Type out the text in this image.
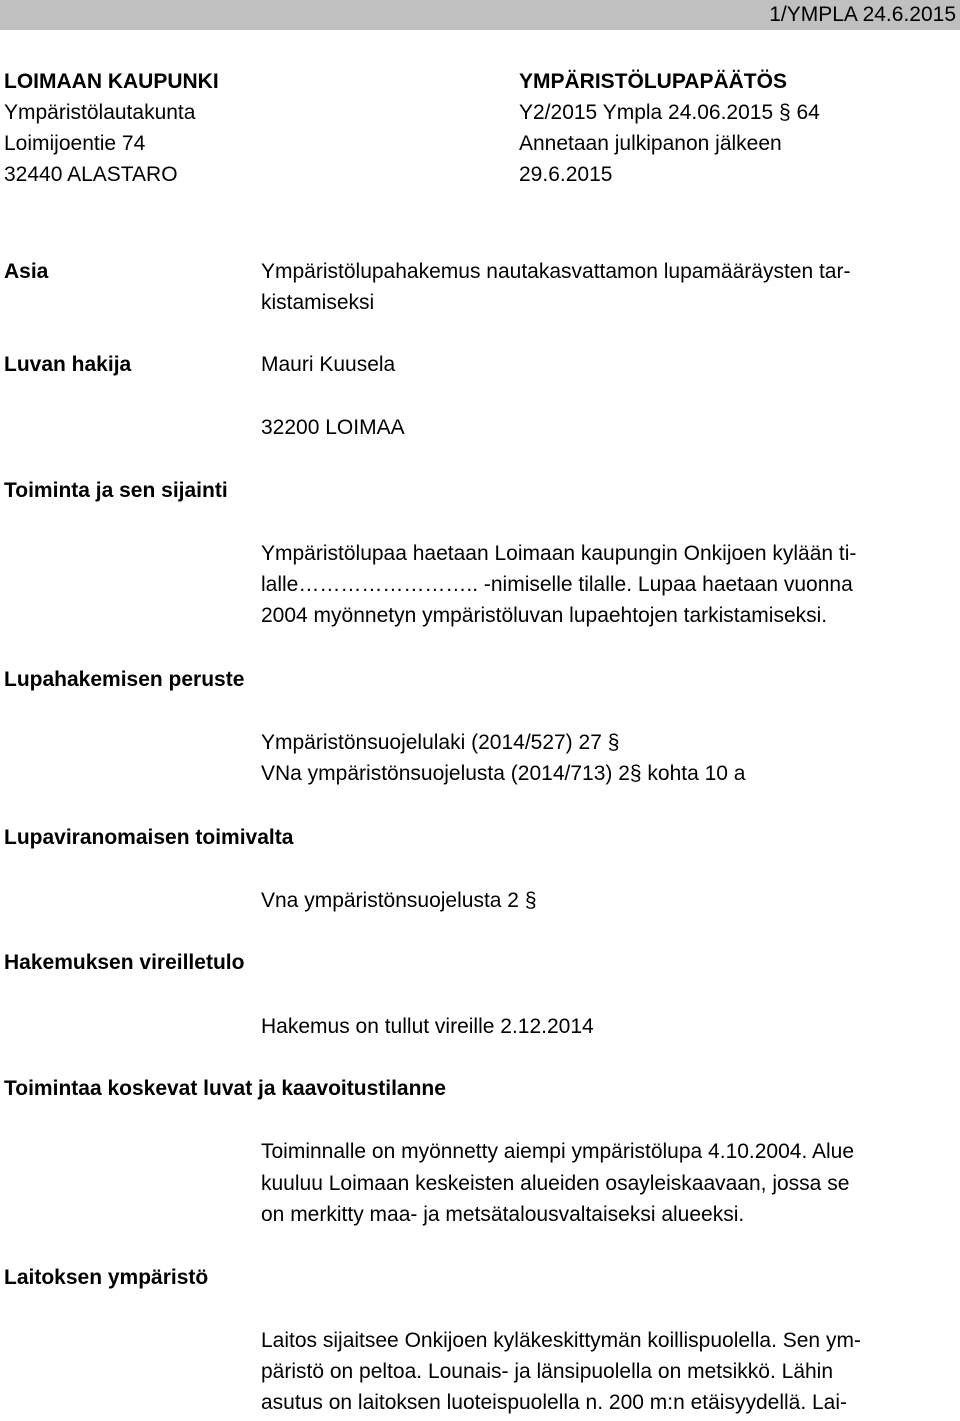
1/YMPLA 24.6.2015
LOIMAAN KAUPUNKI
Ympäristölautakunta
Loimijoentie 74
32440 ALASTARO
YMPÄRISTÖLUPAPÄÄTÖS
Y2/2015 Ympla 24.06.2015 § 64
Annetaan julkipanon jälkeen
29.6.2015
Asia	Ympäristölupahakemus nautakasvattamon lupamääräysten tar-
kistamiseksi
Luvan hakija	Mauri Kuusela
32200 LOIMAA
Toiminta ja sen sijainti
Ympäristölupaa haetaan Loimaan kaupungin Onkijoen kylään ti-
lalle…………………….. -nimiselle tilalle. Lupaa haetaan vuonna
2004 myönnetyn ympäristöluvan lupaehtojen tarkistamiseksi.
Lupahakemisen peruste
Ympäristönsuojelulaki (2014/527) 27 §
VNa ympäristönsuojelusta (2014/713) 2§ kohta 10 a
Lupaviranomaisen toimivalta
Vna ympäristönsuojelusta 2 §
Hakemuksen vireilletulo
Hakemus on tullut vireille 2.12.2014
Toimintaa koskevat luvat ja kaavoitustilanne
Toiminnalle on myönnetty aiempi ympäristölupa 4.10.2004. Alue
kuuluu Loimaan keskeisten alueiden osayleiskaavaan, jossa se
on merkitty maa- ja metsätalousvaltaiseksi alueeksi.
Laitoksen ympäristö
Laitos sijaitsee Onkijoen kyläkeskittymän koillispuolella. Sen ym-
päristö on peltoa. Lounais- ja länsipuolella on metsikkö. Lähin
asutus on laitoksen luoteispuolella n. 200 m:n etäisyydellä. Lai-
